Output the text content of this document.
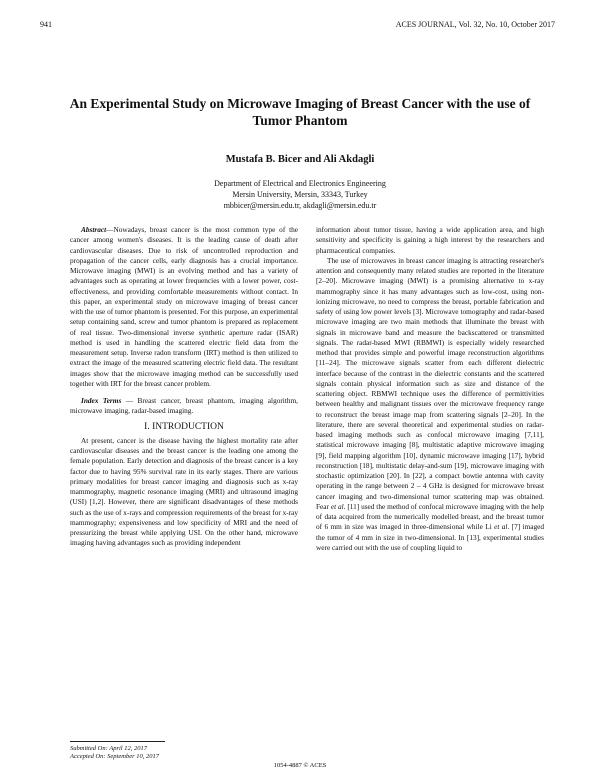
941	ACES JOURNAL, Vol. 32, No. 10, October 2017
An Experimental Study on Microwave Imaging of Breast Cancer with the use of Tumor Phantom
Mustafa B. Bicer and Ali Akdagli
Department of Electrical and Electronics Engineering
Mersin University, Mersin, 33343, Turkey
mbbicer@mersin.edu.tr, akdagli@mersin.edu.tr

Abstract—Nowadays, breast cancer is the most common type of the cancer among women's diseases. It is the leading cause of death after cardiovascular diseases. Due to risk of uncontrolled reproduction and propagation of the cancer cells, early diagnosis has a crucial importance. Microwave imaging (MWI) is an evolving method and has a variety of advantages such as operating at lower frequencies with a lower power, cost-effectiveness, and providing comfortable measurements without contact. In this paper, an experimental study on microwave imaging of breast cancer with the use of tumor phantom is presented. For this purpose, an experimental setup containing sand, screw and tumor phantom is prepared as replacement of real tissue. Two-dimensional inverse synthetic aperture radar (ISAR) method is used in handling the scattered electric field data from the measurement setup. Inverse radon transform (IRT) method is then utilized to extract the image of the measured scattering electric field data. The resultant images show that the microwave imaging method can be successfully used together with IRT for the breast cancer problem.

Index Terms — Breast cancer, breast phantom, imaging algorithm, microwave imaging, radar-based imaging.

I. INTRODUCTION

At present, cancer is the disease having the highest mortality rate after cardiovascular diseases and the breast cancer is the leading one among the female population. Early detection and diagnosis of the breast cancer is a key factor due to having 95% survival rate in its early stages. There are various primary modalities for breast cancer imaging and diagnosis such as x-ray mammography, magnetic resonance imaging (MRI) and ultrasound imaging (USI) [1,2]. However, there are significant disadvantages of these methods such as the use of x-rays and compression requirements of the breast for x-ray mammography; expensiveness and low specificity of MRI and the need of pressurizing the breast while applying USI. On the other hand, microwave imaging having advantages such as providing independent

information about tumor tissue, having a wide application area, and high sensitivity and specificity is gaining a high interest by the researchers and pharmaceutical companies.

The use of microwaves in breast cancer imaging is attracting researcher's attention and consequently many related studies are reported in the literature [2–20]. Microwave imaging (MWI) is a promising alternative to x-ray mammography since it has many advantages such as low-cost, using non-ionizing microwave, no need to compress the breast, portable fabrication and safety of using low power levels [3]. Microwave tomography and radar-based microwave imaging are two main methods that illuminate the breast with signals in microwave band and measure the backscattered or transmitted signals. The radar-based MWI (RBMWI) is especially widely researched method that provides simple and powerful image reconstruction algorithms [11–24]. The microwave signals scatter from each different dielectric interface because of the contrast in the dielectric constants and the scattered signals contain physical information such as size and distance of the scattering object. RBMWI technique uses the difference of permittivities between healthy and malignant tissues over the microwave frequency range to reconstruct the breast image map from scattering signals [2–20]. In the literature, there are several theoretical and experimental studies on radar-based imaging methods such as confocal microwave imaging [7,11], statistical microwave imaging [8], multistatic adaptive microwave imaging [9], field mapping algorithm [10], dynamic microwave imaging [17], hybrid reconstruction [18], multistatic delay-and-sum [19], microwave imaging with stochastic optimization [20]. In [22], a compact bowtie antenna with cavity operating in the range between 2 – 4 GHz is designed for microwave breast cancer imaging and two-dimensional tumor scattering map was obtained. Fear et al. [11] used the method of confocal microwave imaging with the help of data acquired from the numerically modelled breast, and the breast tumor of 6 mm in size was imaged in three-dimensional while Li et al. [7] imaged the tumor of 4 mm in size in two-dimensional. In [13], experimental studies were carried out with the use of coupling liquid to

Submitted On: April 12, 2017
Accepted On: September 10, 2017
1054-4887 © ACES
